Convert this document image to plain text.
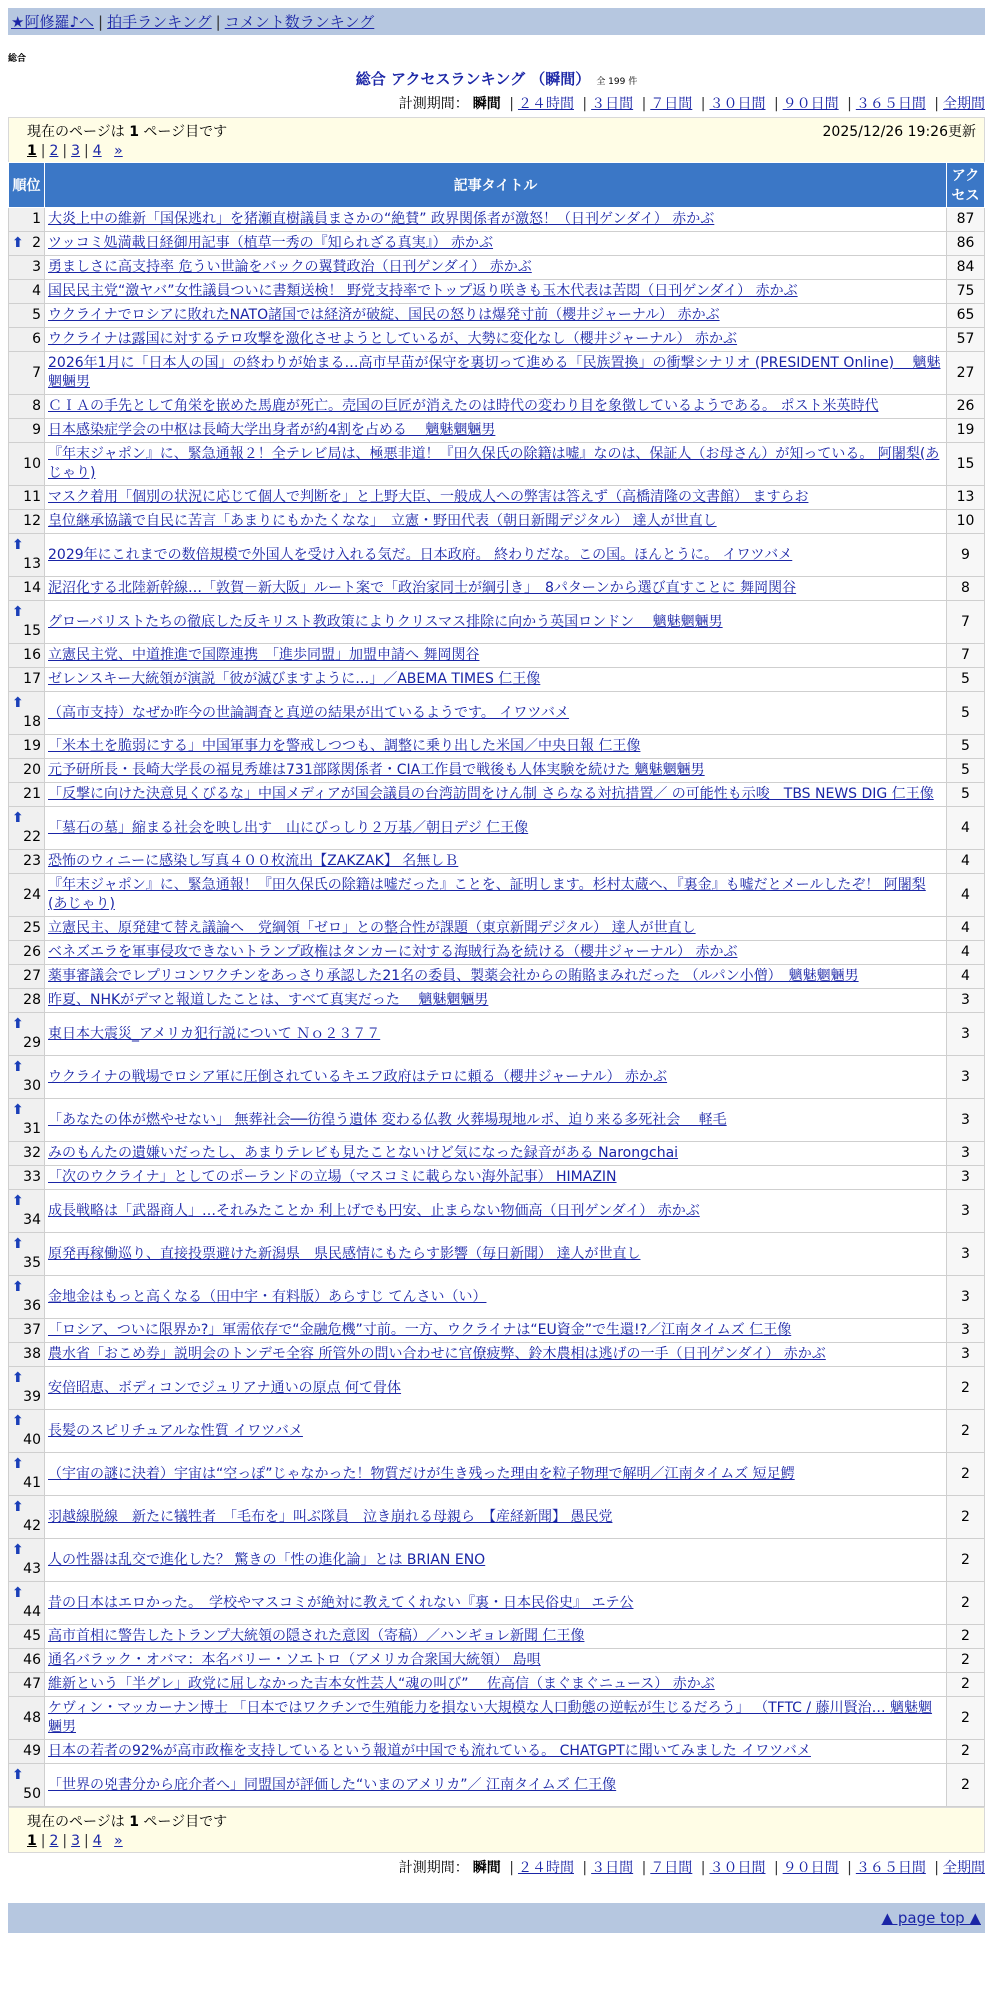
★阿修羅♪へ | 拍手ランキング | コメント数ランキング
総合
総合 アクセスランキング （瞬間） 全 199 件
計測期間： 瞬間 | ２４時間 | ３日間 | ７日間 | ３０日間 | ９０日間 | ３６５日間 | 全期間
現在のページは 1 ページ目です	2025/12/26 19:26更新
1 | 2 | 3 | 4 »
順位	記事タイトル	アクセス
1	大炎上中の維新「国保逃れ」を猪瀬直樹議員まさかの“絶賛” 政界関係者が激怒！（日刊ゲンダイ） 赤かぶ	87

⬆ 2	ツッコミ処満載日経御用記事（植草一秀の『知られざる真実』） 赤かぶ	86
3	勇ましさに高支持率 危うい世論をバックの翼賛政治（日刊ゲンダイ） 赤かぶ	84
4	国民民主党“激ヤバ”女性議員ついに書類送検！ 野党支持率でトップ返り咲きも玉木代表は苦悶（日刊ゲンダイ） 赤かぶ	75
5	ウクライナでロシアに敗れたNATO諸国では経済が破綻、国民の怒りは爆発寸前（櫻井ジャーナル） 赤かぶ	65
6	ウクライナは露国に対するテロ攻撃を激化させようとしているが、大勢に変化なし（櫻井ジャーナル） 赤かぶ	57
7	2026年1月に「日本人の国」の終わりが始まる…高市早苗が保守を裏切って進める「民族置換」の衝撃シナリオ (PRESIDENT Online)　 魑魅魍魎男	27
8	ＣＩＡの手先として角栄を嵌めた馬鹿が死亡。売国の巨匠が消えたのは時代の変わり目を象徴しているようである。 ポスト米英時代	26
9	日本感染症学会の中枢は長崎大学出身者が約4割を占める　 魑魅魍魎男	19
10	『年末ジャポン』に、緊急通報２！全テレビ局は、極悪非道！『田久保氏の除籍は嘘』なのは、保証人（お母さん）が知っている。 阿闍梨(あじゃり)	15
11	マスク着用「個別の状況に応じて個人で判断を」と上野大臣、一般成人への弊害は答えず（高橋清隆の文書館） ますらお	13
12	皇位継承協議で自民に苦言「あまりにもかたくなな」　立憲・野田代表（朝日新聞デジタル） 達人が世直し	10

⬆
13	2029年にこれまでの数倍規模で外国人を受け入れる気だ。日本政府。 終わりだな。この国。ほんとうに。 イワツバメ	9
14	泥沼化する北陸新幹線…「敦賀－新大阪」ルート案で「政治家同士が綱引き」　8パターンから選び直すことに 舞岡関谷	8

⬆
15	グローバリストたちの徹底した反キリスト教政策によりクリスマス排除に向かう英国ロンドン　 魑魅魍魎男	7
16	立憲民主党、中道推進で国際連携　「進歩同盟」加盟申請へ 舞岡関谷	7
17	ゼレンスキー大統領が演説「彼が滅びますように…」／ABEMA TIMES 仁王像	5

⬆
18	（高市支持）なぜか昨今の世論調査と真逆の結果が出ているようです。 イワツバメ	5
19	「米本土を脆弱にする」中国軍事力を警戒しつつも、調整に乗り出した米国／中央日報 仁王像	5
20	元予研所長・長崎大学長の福見秀雄は731部隊関係者・CIA工作員で戦後も人体実験を続けた 魑魅魍魎男	5
21	「反撃に向けた決意見くびるな」中国メディアが国会議員の台湾訪問をけん制 さらなる対抗措置／ の可能性も示唆　TBS NEWS DIG 仁王像	5

⬆
22	「墓石の墓」縮まる社会を映し出す　山にびっしり２万基／朝日デジ 仁王像	4
23	恐怖のウィニーに感染し写真４００枚流出【ZAKZAK】 名無しＢ	4
24	『年末ジャポン』に、緊急通報！『田久保氏の除籍は嘘だった』ことを、証明します。杉村太蔵へ、『裏金』も嘘だとメールしたぞ！ 阿闍梨(あじゃり)	4
25	立憲民主、原発建て替え議論へ　党綱領「ゼロ」との整合性が課題（東京新聞デジタル） 達人が世直し	4
26	ベネズエラを軍事侵攻できないトランプ政権はタンカーに対する海賊行為を続ける（櫻井ジャーナル） 赤かぶ	4
27	薬事審議会でレプリコンワクチンをあっさり承認した21名の委員、製薬会社からの賄賂まみれだった （ルパン小僧）　魑魅魍魎男	4
28	昨夏、NHKがデマと報道したことは、すべて真実だった　 魑魅魍魎男	3

⬆
29	東日本大震災_アメリカ犯行説について Ｎｏ２３７７	3

⬆
30	ウクライナの戦場でロシア軍に圧倒されているキエフ政府はテロに頼る（櫻井ジャーナル） 赤かぶ	3

⬆
31	「あなたの体が燃やせない」 無葬社会──彷徨う遺体 変わる仏教 火葬場現地ルポ、迫り来る多死社会　 軽毛	3
32	みのもんたの遺嫌いだったし、あまりテレビも見たことないけど気になった録音がある Narongchai	3
33	「次のウクライナ」としてのポーランドの立場（マスコミに載らない海外記事） HIMAZIN	3

⬆
34	成長戦略は「武器商人」…それみたことか 利上げでも円安、止まらない物価高（日刊ゲンダイ） 赤かぶ	3

⬆
35	原発再稼働巡り、直接投票避けた新潟県　県民感情にもたらす影響（毎日新聞） 達人が世直し	3

⬆
36	金地金はもっと高くなる（田中宇・有料版）あらすじ てんさい（い）	3
37	「ロシア、ついに限界か?」軍需依存で“金融危機”寸前。一方、ウクライナは“EU資金”で生還!?／江南タイムズ 仁王像	3
38	農水省「おこめ券」説明会のトンデモ全容 所管外の問い合わせに官僚疲弊、鈴木農相は逃げの一手（日刊ゲンダイ） 赤かぶ	3

⬆
39	安倍昭恵、ボディコンでジュリアナ通いの原点 何て骨体	2

⬆
40	長髪のスピリチュアルな性質 イワツバメ	2

⬆
41	（宇宙の謎に決着）宇宙は“空っぽ”じゃなかった！物質だけが生き残った理由を粒子物理で解明／江南タイムズ 短足鰐	2

⬆
42	羽越線脱線　新たに犠牲者　「毛布を」叫ぶ隊員　泣き崩れる母親ら　【産経新聞】 愚民党	2

⬆
43	人の性器は乱交で進化した？ 驚きの「性の進化論」とは BRIAN ENO	2

⬆
44	昔の日本はエロかった。　学校やマスコミが絶対に教えてくれない『裏・日本民俗史』 エテ公	2
45	高市首相に警告したトランプ大統領の隠された意図（寄稿）／ハンギョレ新聞 仁王像	2
46	通名バラック・オバマ：本名バリー・ソエトロ（アメリカ合衆国大統領） 島唄	2
47	維新という「半グレ」政党に屈しなかった吉本女性芸人“魂の叫び”　 佐高信（まぐまぐニュース） 赤かぶ	2
48	ケヴィン・マッカーナン博士 「日本ではワクチンで生殖能力を損ない大規模な人口動態の逆転が生じるだろう」 （TFTC / 藤川賢治… 魑魅魍魎男	2
49	日本の若者の92%が高市政権を支持しているという報道が中国でも流れている。 CHATGPTに聞いてみました イワツバメ	2

⬆
50	「世界の兇書分から庇介者へ」同盟国が評価した“いまのアメリカ”／ 江南タイムズ 仁王像	2
現在のページは 1 ページ目です
1 | 2 | 3 | 4 »
計測期間： 瞬間 | ２４時間 | ３日間 | ７日間 | ３０日間 | ９０日間 | ３６５日間 | 全期間
▲ page top ▲
